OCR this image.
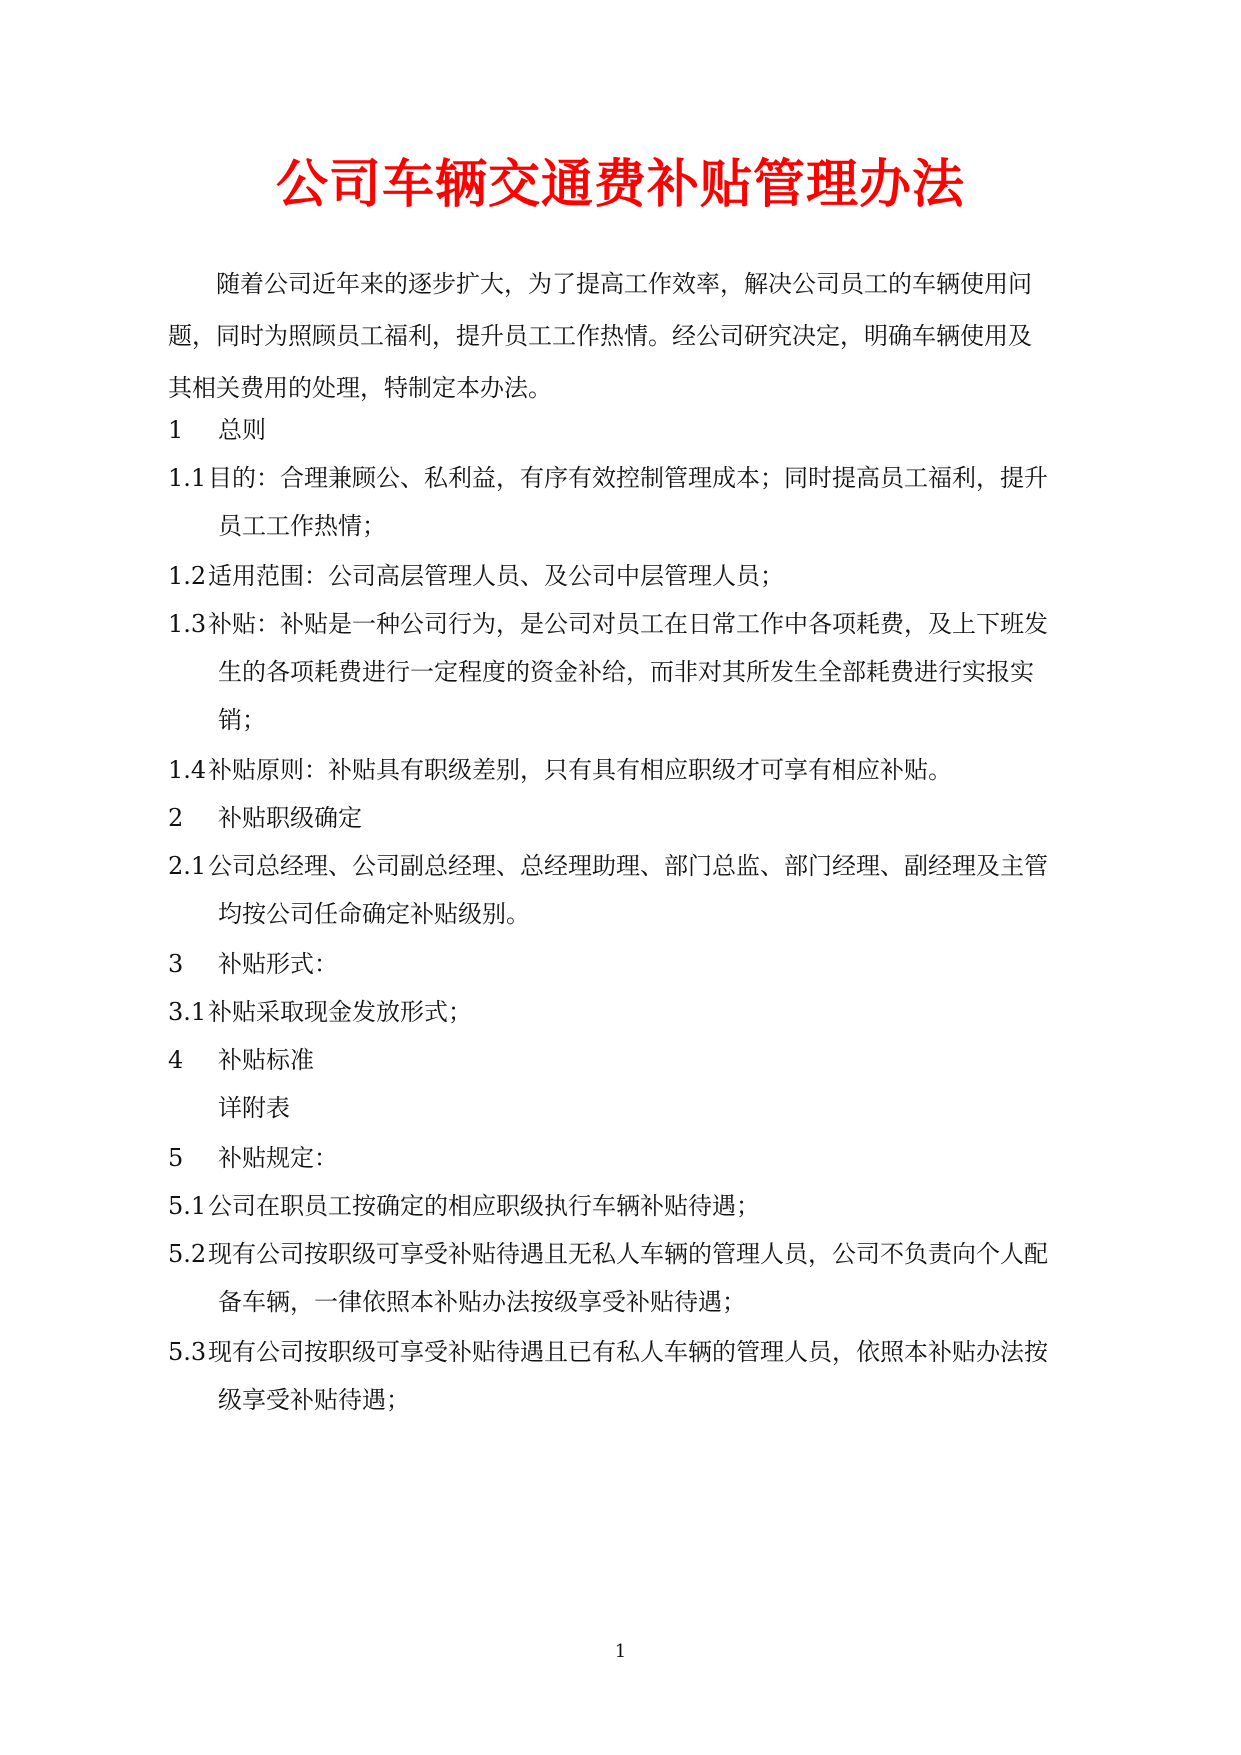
公司车辆交通费补贴管理办法
随着公司近年来的逐步扩大，为了提高工作效率，解决公司员工的车辆使用问
题，同时为照顾员工福利，提升员工工作热情。经公司研究决定，明确车辆使用及
其相关费用的处理，特制定本办法。
1 总则
1.1目的：合理兼顾公、私利益，有序有效控制管理成本；同时提高员工福利，提升
员工工作热情；
1.2适用范围：公司高层管理人员、及公司中层管理人员；
1.3补贴：补贴是一种公司行为，是公司对员工在日常工作中各项耗费，及上下班发
生的各项耗费进行一定程度的资金补给，而非对其所发生全部耗费进行实报实
销；
1.4补贴原则：补贴具有职级差别，只有具有相应职级才可享有相应补贴。
2 补贴职级确定
2.1公司总经理、公司副总经理、总经理助理、部门总监、部门经理、副经理及主管
均按公司任命确定补贴级别。
3 补贴形式：
3.1补贴采取现金发放形式；
4 补贴标准
详附表
5 补贴规定：
5.1公司在职员工按确定的相应职级执行车辆补贴待遇；
5.2现有公司按职级可享受补贴待遇且无私人车辆的管理人员，公司不负责向个人配
备车辆，一律依照本补贴办法按级享受补贴待遇；
5.3现有公司按职级可享受补贴待遇且已有私人车辆的管理人员，依照本补贴办法按
级享受补贴待遇；
1
